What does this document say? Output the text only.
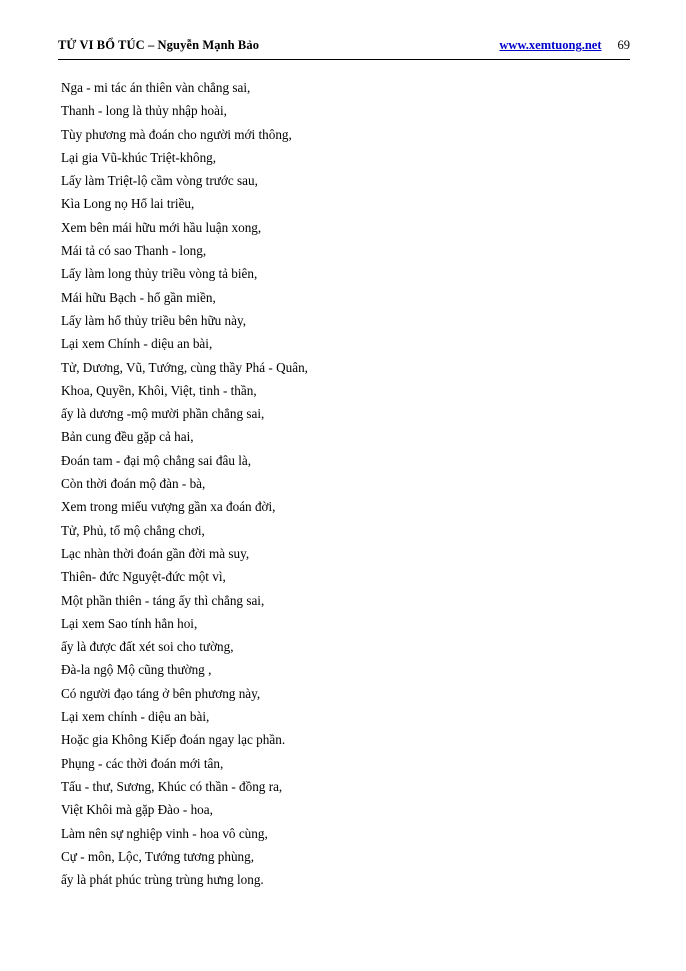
TỬ VI BỔ TÚC – Nguyễn Mạnh Bảo	www.xemtuong.net 69
Nga - mi tác án thiên vàn chẳng sai,
Thanh - long là thủy nhập hoài,
Tùy phương mà đoán cho người mới thông,
Lại gia Vũ-khúc Triệt-không,
Lấy làm Triệt-lộ cầm vòng trước sau,
Kìa Long nọ Hổ lai triều,
Xem bên mái hữu mới hầu luận xong,
Mái tả có sao Thanh - long,
Lấy làm long thủy triều vòng tả biên,
Mái hữu Bạch - hổ gần miền,
Lấy làm hổ thủy triều bên hữu này,
Lại xem Chính - diệu an bài,
Tử, Dương, Vũ, Tướng, cùng thầy Phá - Quân,
Khoa, Quyền, Khôi, Việt, tinh - thần,
ấy là dương -mộ mười phần chẳng sai,
Bản cung đều gặp cả hai,
Đoán tam - đại mộ chẳng sai đâu là,
Còn thời đoán mộ đàn - bà,
Xem trong miếu vượng gần xa đoán đời,
Tử, Phủ, tổ mộ chẳng chơi,
Lạc nhàn thời đoán gần đời mà suy,
Thiên- đức Nguyệt-đức một vì,
Một phần thiên - táng ấy thì chẳng sai,
Lại xem Sao tính hẳn hoi,
ấy là được đất xét soi cho tường,
Đà-la ngộ Mộ cũng thường ,
Có người đạo táng ở bên phương này,
Lại xem chính - diệu an bài,
Hoặc gia Không Kiếp đoán ngay lạc phần.
Phụng - các thời đoán mới tân,
Tấu - thư, Sương, Khúc có thần - đồng ra,
Việt Khôi mà gặp Đào - hoa,
Làm nên sự nghiệp vinh - hoa vô cùng,
Cự - môn, Lộc, Tướng tương phùng,
ấy là phát phúc trùng trùng hưng long.
